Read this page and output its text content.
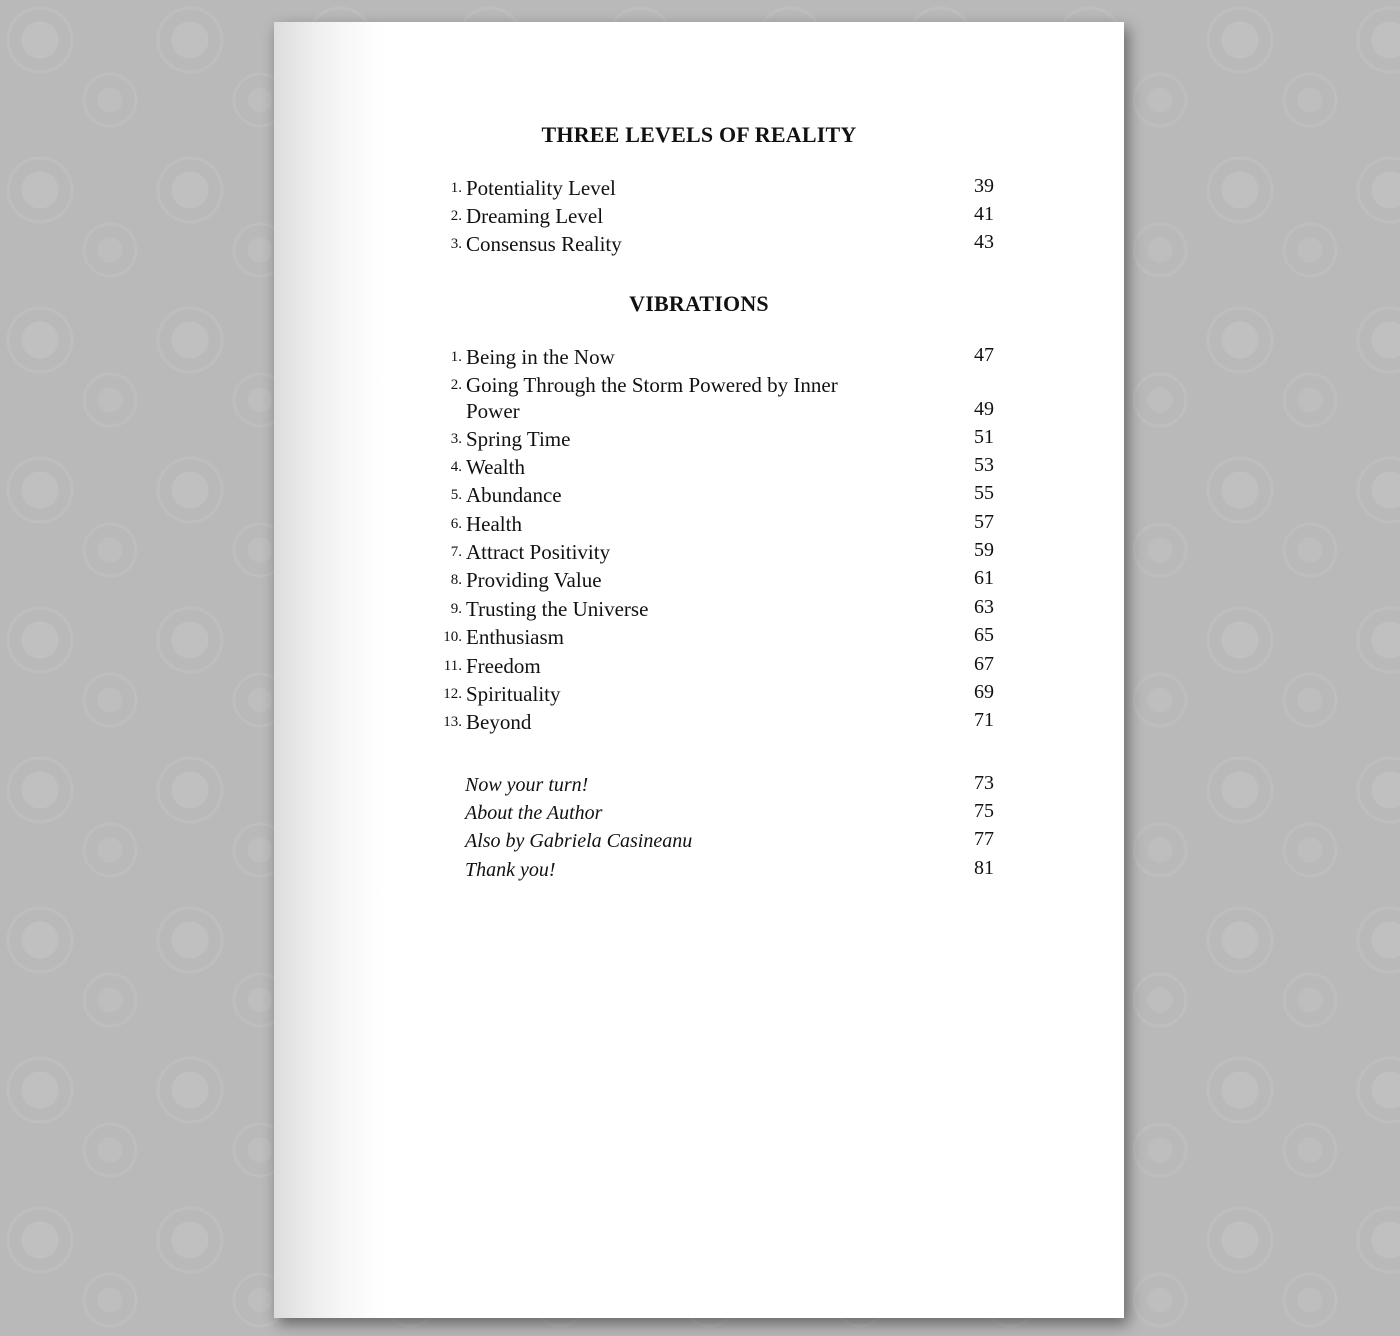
THREE LEVELS OF REALITY
1. Potentiality Level	39
2. Dreaming Level	41
3. Consensus Reality	43
VIBRATIONS
1. Being in the Now	47
2. Going Through the Storm Powered by Inner Power	49
3. Spring Time	51
4. Wealth	53
5. Abundance	55
6. Health	57
7. Attract Positivity	59
8. Providing Value	61
9. Trusting the Universe	63
10. Enthusiasm	65
11. Freedom	67
12. Spirituality	69
13. Beyond	71
Now your turn!	73
About the Author	75
Also by Gabriela Casineanu	77
Thank you!	81
